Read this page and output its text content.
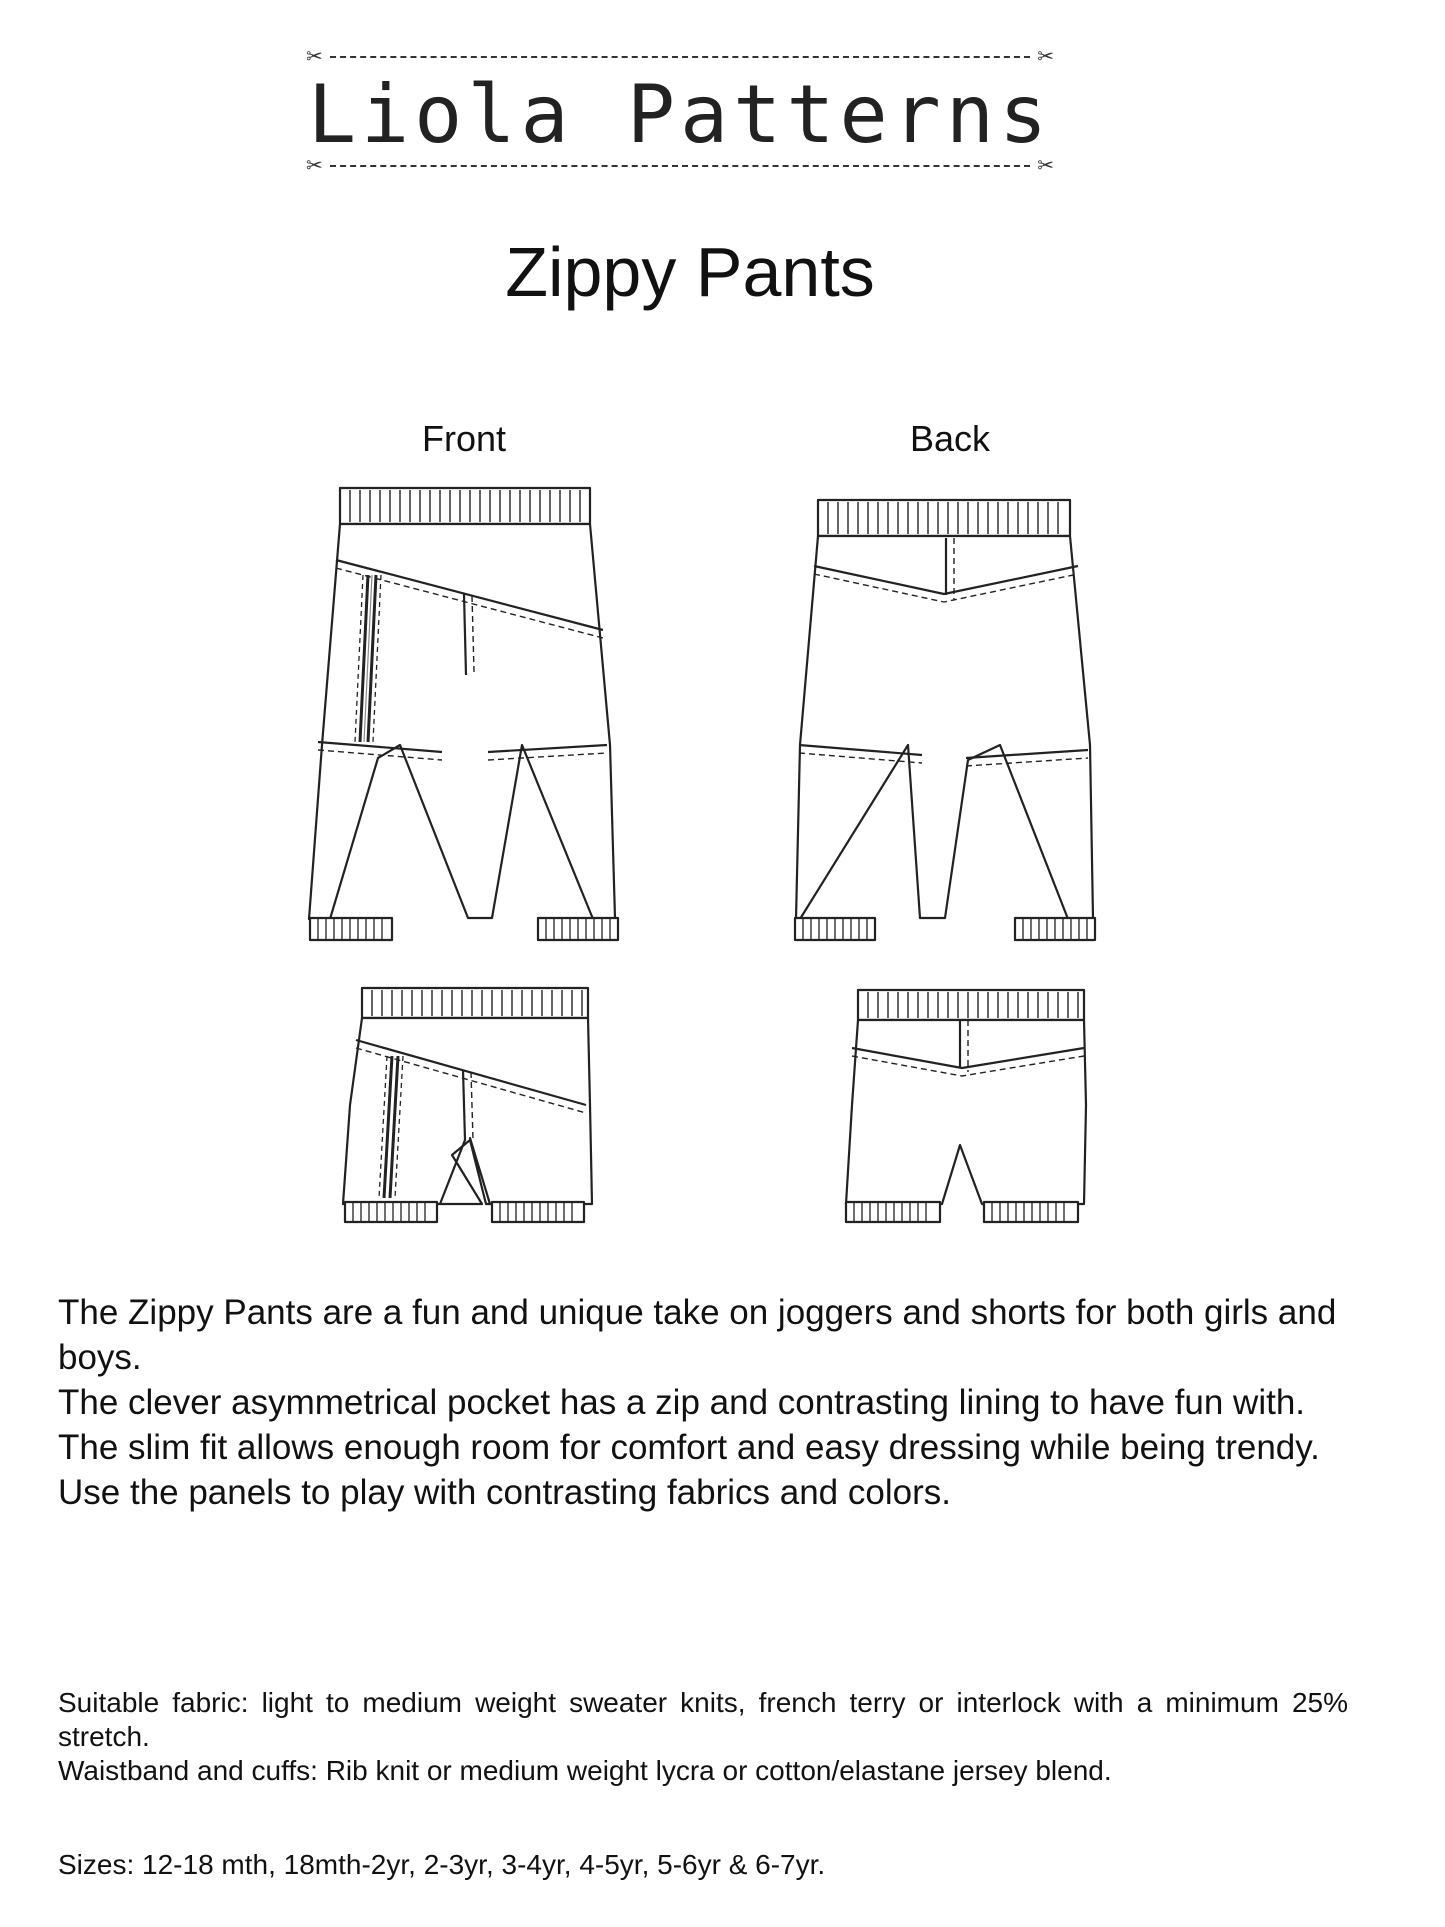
✂	✂
Liola Patterns
✂	✂
Zippy Pants
Front	Back

The Zippy Pants are a fun and unique take on joggers and shorts for both girls and boys.

The clever asymmetrical pocket has a zip and contrasting lining to have fun with.

The slim fit allows enough room for comfort and easy dressing while being trendy.

Use the panels to play with contrasting fabrics and colors.

Suitable fabric: light to medium weight sweater knits, french terry or interlock with a minimum 25% stretch.

Waistband and cuffs: Rib knit or medium weight lycra or cotton/elastane jersey blend.

Sizes: 12-18 mth, 18mth-2yr, 2-3yr, 3-4yr, 4-5yr, 5-6yr & 6-7yr.
